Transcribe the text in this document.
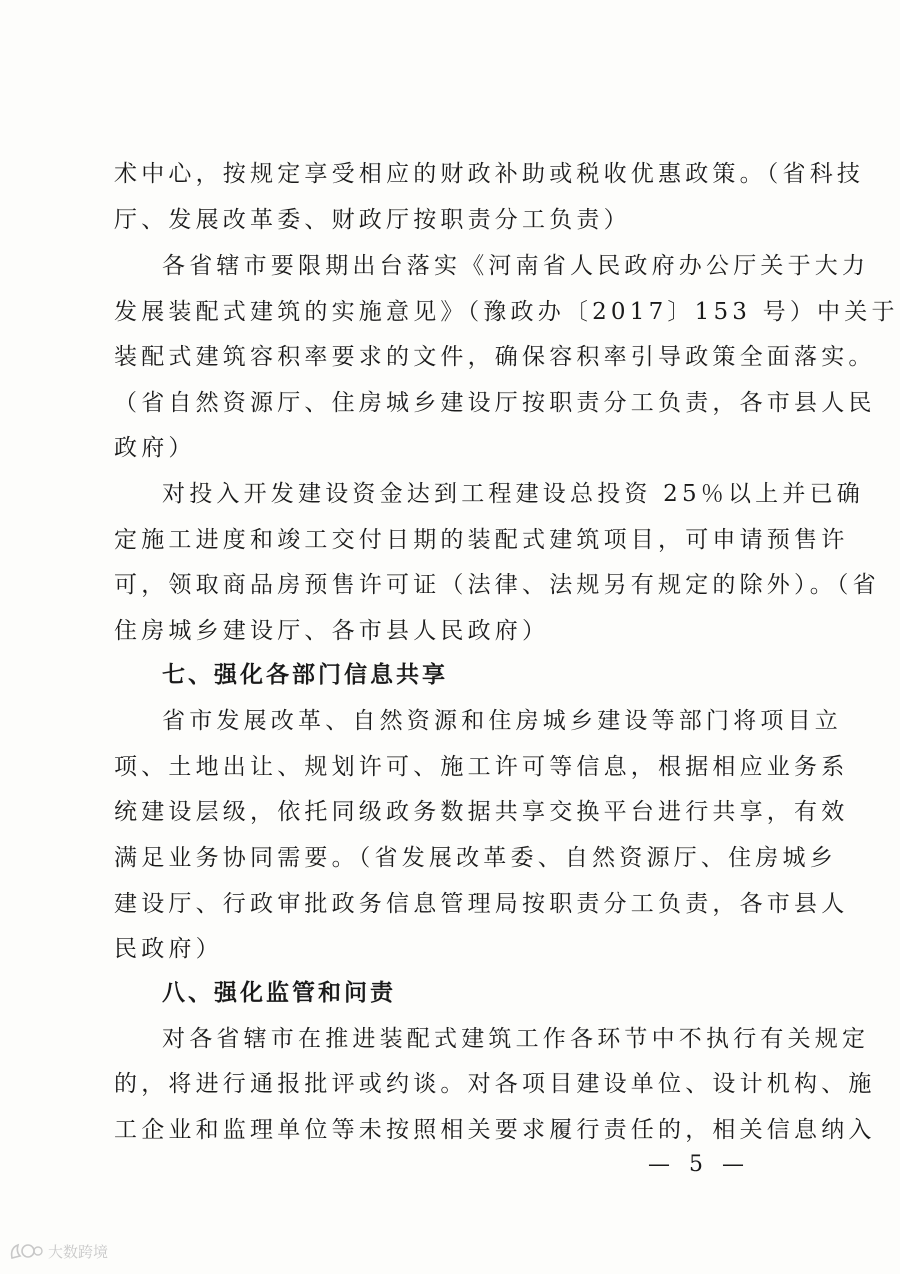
术中心，按规定享受相应的财政补助或税收优惠政策。（省科技
厅、发展改革委、财政厅按职责分工负责）
各省辖市要限期出台落实《河南省人民政府办公厅关于大力
发展装配式建筑的实施意见》（豫政办〔2017〕153 号）中关于
装配式建筑容积率要求的文件，确保容积率引导政策全面落实。
（省自然资源厅、住房城乡建设厅按职责分工负责，各市县人民
政府）
对投入开发建设资金达到工程建设总投资 25％以上并已确
定施工进度和竣工交付日期的装配式建筑项目，可申请预售许
可，领取商品房预售许可证（法律、法规另有规定的除外）。（省
住房城乡建设厅、各市县人民政府）
七、强化各部门信息共享
省市发展改革、自然资源和住房城乡建设等部门将项目立
项、土地出让、规划许可、施工许可等信息，根据相应业务系
统建设层级，依托同级政务数据共享交换平台进行共享，有效
满足业务协同需要。（省发展改革委、自然资源厅、住房城乡
建设厅、行政审批政务信息管理局按职责分工负责，各市县人
民政府）
八、强化监管和问责
对各省辖市在推进装配式建筑工作各环节中不执行有关规定
的，将进行通报批评或约谈。对各项目建设单位、设计机构、施
工企业和监理单位等未按照相关要求履行责任的，相关信息纳入
— 5 —
大数跨境
